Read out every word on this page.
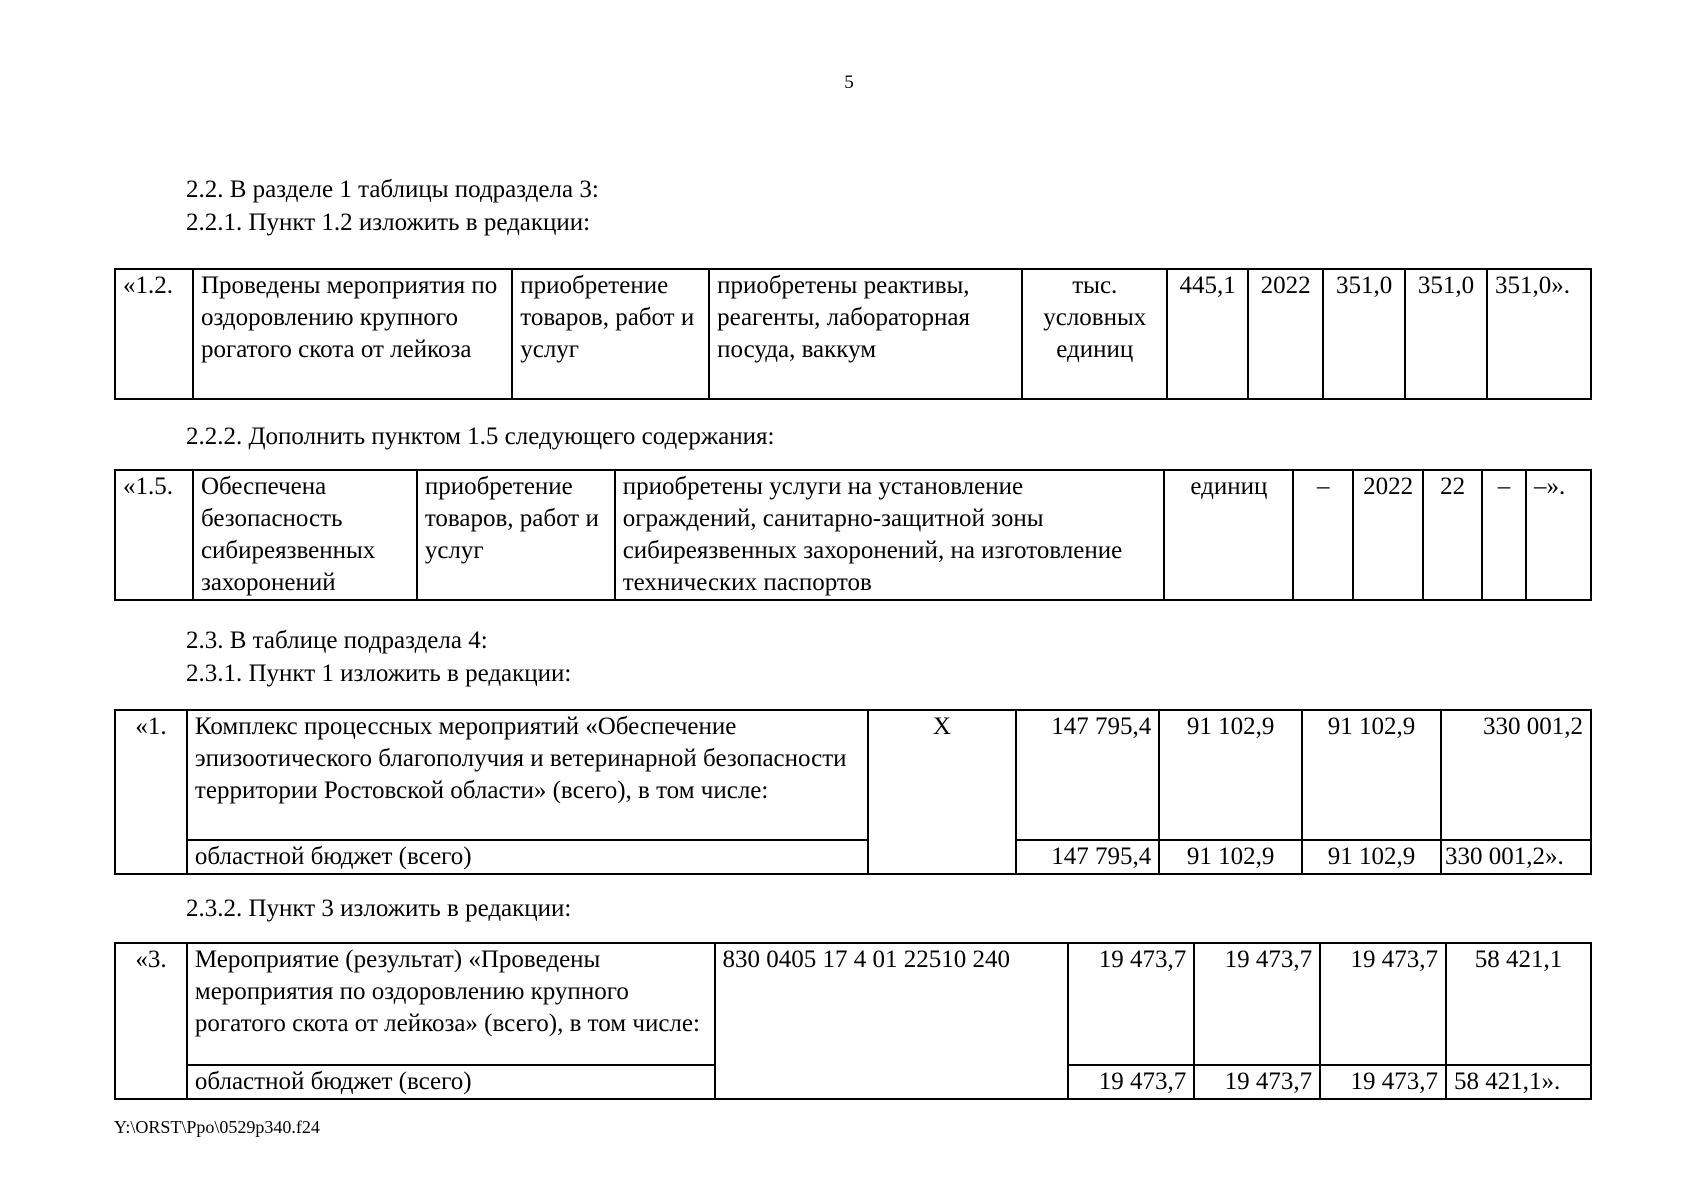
5
2.2. В разделе 1 таблицы подраздела 3:
2.2.1. Пункт 1.2 изложить в редакции:
«1.2.	Проведены мероприятия по оздоровлению крупного рогатого скота от лейкоза	приобретение товаров, работ и услуг	приобретены реактивы, реагенты, лабораторная посуда, ваккум	тыс. условных единиц	445,1	2022	351,0	351,0	351,0».
2.2.2. Дополнить пунктом 1.5 следующего содержания:
«1.5.	Обеспечена безопасность сибиреязвенных захоронений	приобретение товаров, работ и услуг	приобретены услуги на установление ограждений, санитарно-защитной зоны сибиреязвенных захоронений, на изготовление технических паспортов	единиц	–	2022	22	–	–».
2.3. В таблице подраздела 4:
2.3.1. Пункт 1 изложить в редакции:
«1.	Комплекс процессных мероприятий «Обеспечение эпизоотического благополучия и ветеринарной безопасности территории Ростовской области» (всего), в том числе:	Х	147 795,4	91 102,9	91 102,9	330 001,2
	областной бюджет (всего)		147 795,4	91 102,9	91 102,9	330 001,2».
2.3.2. Пункт 3 изложить в редакции:
«3.	Мероприятие (результат) «Проведены мероприятия по оздоровлению крупного рогатого скота от лейкоза» (всего), в том числе:	830 0405 17 4 01 22510 240	19 473,7	19 473,7	19 473,7	58 421,1
	областной бюджет (всего)		19 473,7	19 473,7	19 473,7	58 421,1».
Y:\ORST\Ppo\0529p340.f24
